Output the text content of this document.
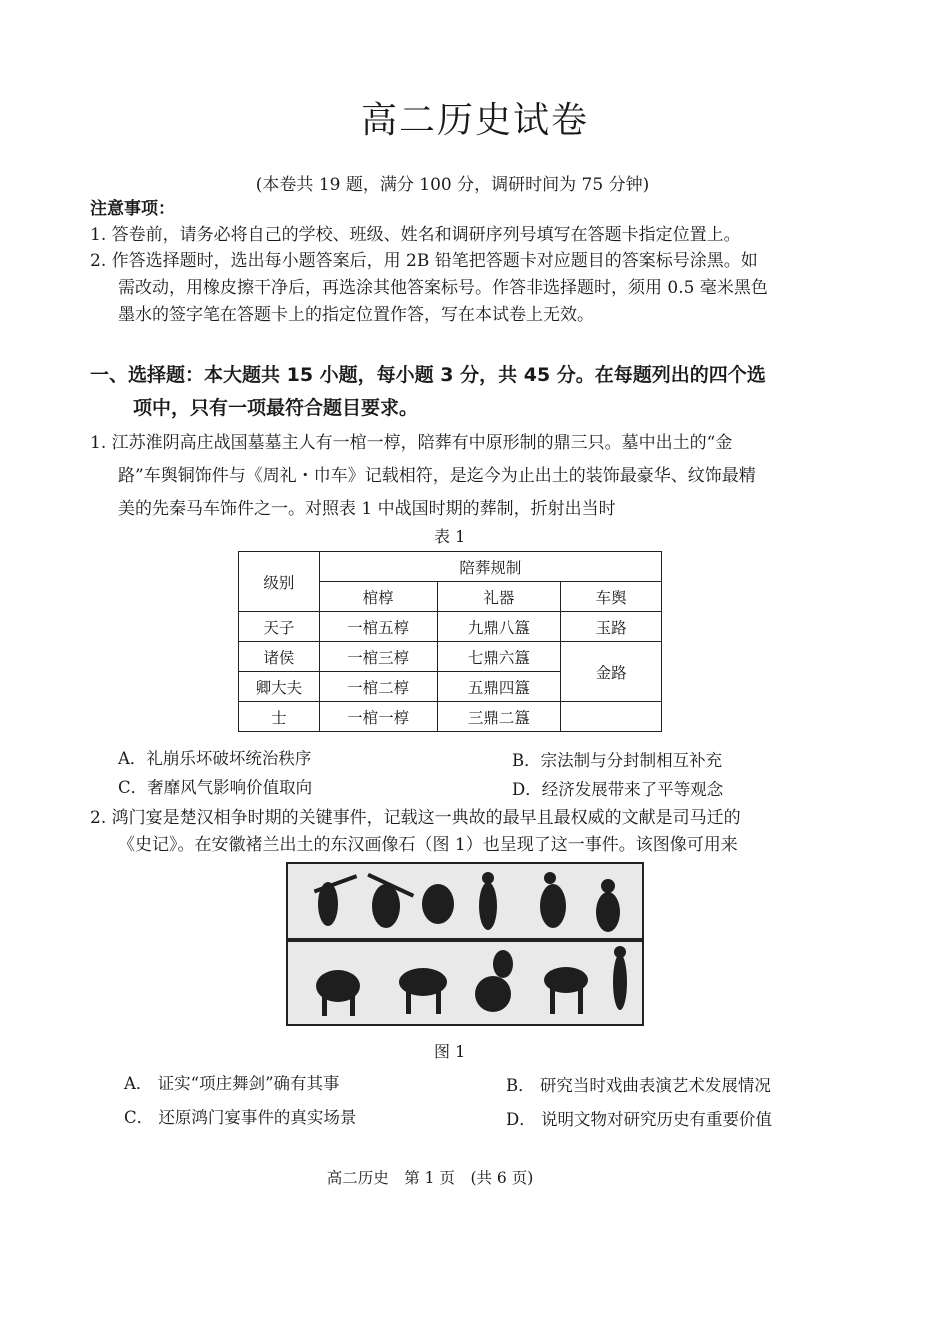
高二历史试卷
(本卷共 19 题，满分 100 分，调研时间为 75 分钟)
注意事项：
1. 答卷前，请务必将自己的学校、班级、姓名和调研序列号填写在答题卡指定位置上。
2. 作答选择题时，选出每小题答案后，用 2B 铅笔把答题卡对应题目的答案标号涂黑。如
需改动，用橡皮擦干净后，再选涂其他答案标号。作答非选择题时，须用 0.5 毫米黑色
墨水的签字笔在答题卡上的指定位置作答，写在本试卷上无效。
一、选择题：本大题共 15 小题，每小题 3 分，共 45 分。在每题列出的四个选
项中，只有一项最符合题目要求。
1. 江苏淮阴高庄战国墓墓主人有一棺一椁，陪葬有中原形制的鼎三只。墓中出土的“金
路”车舆铜饰件与《周礼・巾车》记载相符，是迄今为止出土的装饰最豪华、纹饰最精
美的先秦马车饰件之一。对照表 1 中战国时期的葬制，折射出当时
表 1
级别	陪葬规制		
	棺椁	礼器	车舆
天子	一棺五椁	九鼎八簋	玉路
诸侯	一棺三椁	七鼎六簋	金路
卿大夫	一棺二椁	五鼎四簋	
士	一棺一椁	三鼎二簋	
A．礼崩乐坏破坏统治秩序	B．宗法制与分封制相互补充
C．奢靡风气影响价值取向	D．经济发展带来了平等观念
2. 鸿门宴是楚汉相争时期的关键事件，记载这一典故的最早且最权威的文献是司马迁的
《史记》。在安徽褚兰出土的东汉画像石（图 1）也呈现了这一事件。该图像可用来
图 1
A． 证实“项庄舞剑”确有其事	B． 研究当时戏曲表演艺术发展情况
C． 还原鸿门宴事件的真实场景	D． 说明文物对研究历史有重要价值
高二历史　第 1 页　(共 6 页)
